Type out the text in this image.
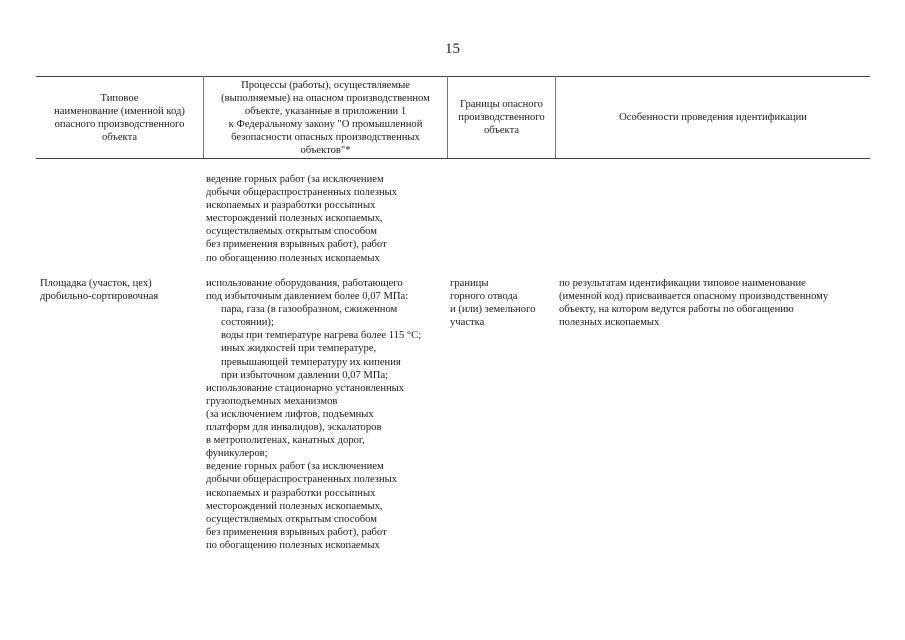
15
Типовое
наименование (именной код)
опасного производственного
объекта
Процессы (работы), осуществляемые
(выполняемые) на опасном производственном
объекте, указанные в приложении 1
к Федеральному закону "О промышленной
безопасности опасных производственных
объектов"*
Границы опасного
производственного
объекта
Особенности проведения идентификации
ведение горных работ (за исключением
добычи общераспространенных полезных
ископаемых и разработки россыпных
месторождений полезных ископаемых,
осуществляемых открытым способом
без применения взрывных работ), работ
по обогащению полезных ископаемых
Площадка (участок, цех)
дробильно-сортировочная
использование оборудования, работающего
под избыточным давлением более 0,07 МПа:
пара, газа (в газообразном, сжиженном
состоянии);
воды при температуре нагрева более 115 °C;
иных жидкостей при температуре,
превышающей температуру их кипения
при избыточном давлении 0,07 МПа;
использование стационарно установленных
грузоподъемных механизмов
(за исключением лифтов, подъемных
платформ для инвалидов), эскалаторов
в метрополитенах, канатных дорог,
фуникулеров;
ведение горных работ (за исключением
добычи общераспространенных полезных
ископаемых и разработки россыпных
месторождений полезных ископаемых,
осуществляемых открытым способом
без применения взрывных работ), работ
по обогащению полезных ископаемых
границы
горного отвода
и (или) земельного
участка
по результатам идентификации типовое наименование
(именной код) присваивается опасному производственному
объекту, на котором ведутся работы по обогащению
полезных ископаемых
